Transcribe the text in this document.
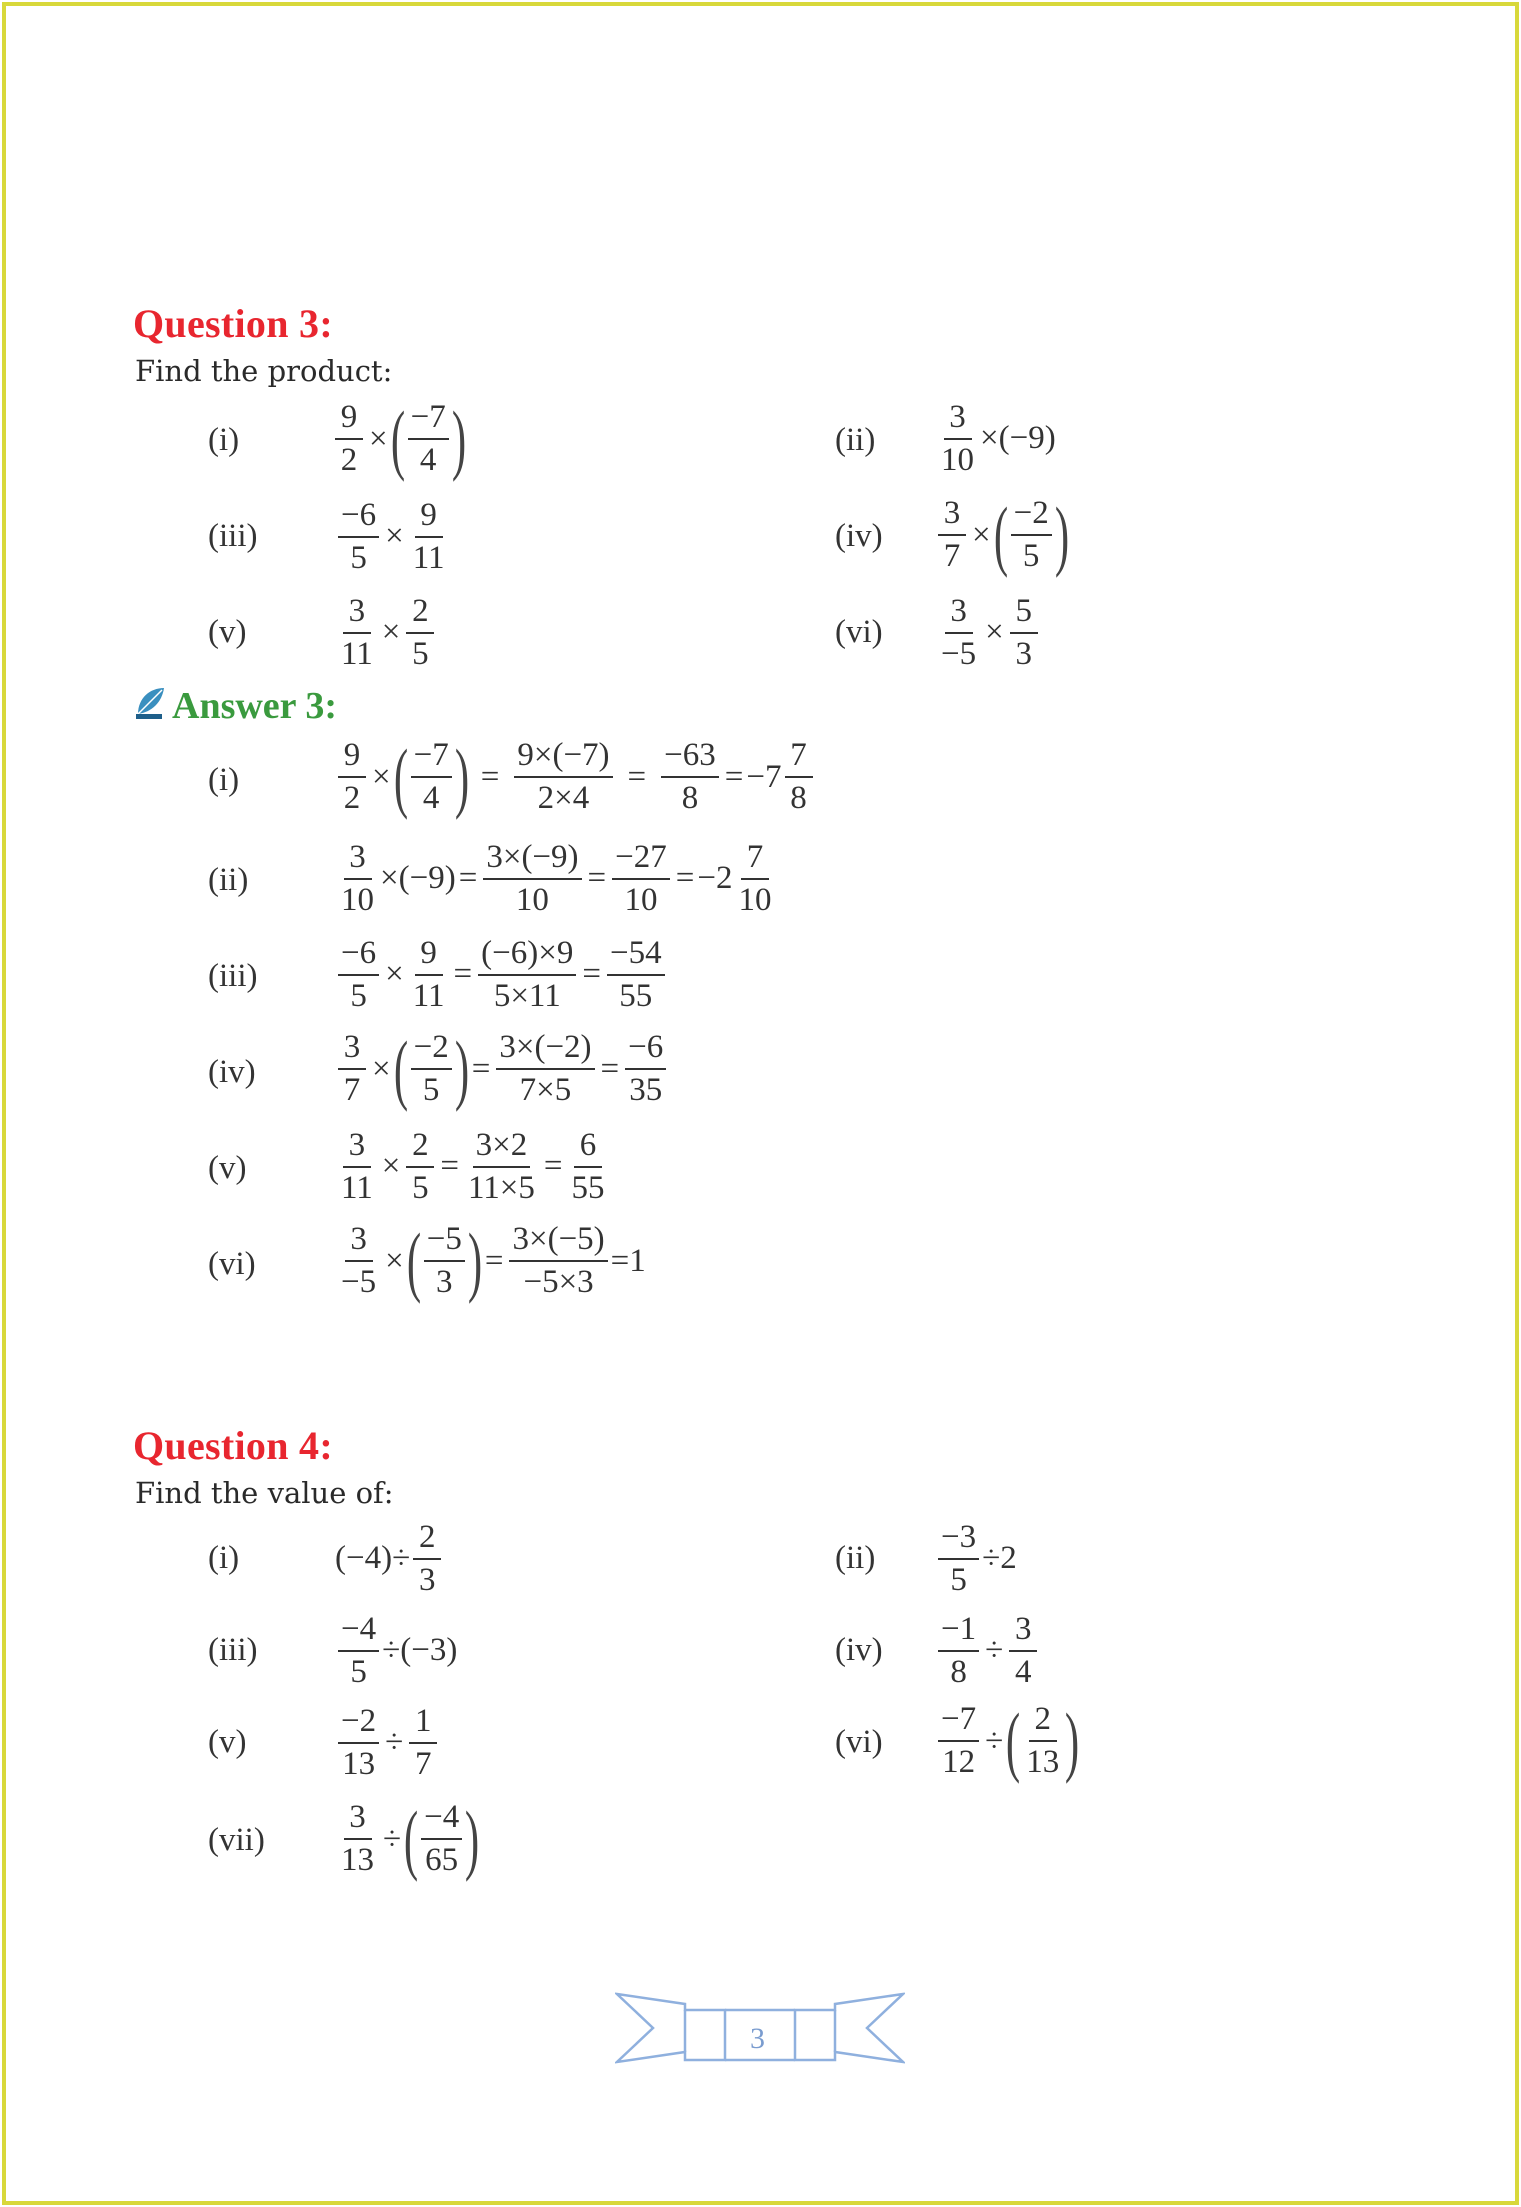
Question 3:
Find the product:
(i)	$\frac{9}{2}$ × ( $\frac{-7}{4}$ )	$(ii) \frac{3}{10} \times (-9)$
$(iii) \frac{-6}{5} \times \frac{9}{11}$	$(iv) \frac{3}{7}$ × ( $\frac{-2}{5}$ )
(v)	$\frac{3}{11} \times \frac{2}{5}$	$(vi) \frac{3}{-5} \times \frac{5}{3}$
Answer 3:
(i)	$\frac{9}{2}$ × ( $\frac{-7}{4}$ ) = $\frac{9\times(-7)}{2\times 4} = \frac{-63}{8} = -7 \frac{7}{8}$
(ii)	$\frac{3}{10} \times(-9) = \frac{3\times(-9)}{10} = \frac{-27}{10} = -2 \frac{7}{10}$
$(iii) \frac{-6}{5} \times \frac{9}{11} = \frac{(-6)\times 9}{5\times 11} = \frac{-54}{55}$
$(iv) \frac{3}{7}$ × ( $\frac{-2}{5}$ ) = $\frac{3\times(-2)}{7\times 5} = \frac{-6}{35}$
(v)	$\frac{3}{11} \times \frac{2}{5} = \frac{3\times 2}{11\times 5} = \frac{6}{55}$
$(vi) \frac{3}{-5}$ × ( $\frac{-5}{3}$ ) = $\frac{3\times(-5)}{-5\times 3} =1$
Question 4:
Find the value of:
(i)	$(-4)\div \frac{2}{3}$	$(ii) \frac{-3}{5} \div 2$
$(iii) \frac{-4}{5} \div(-3)$	$(iv) \frac{-1}{8} \div \frac{3}{4}$
(v)	$\frac{-2}{13} \div \frac{1}{7}$	$(vi) \frac{-7}{12}$ ÷ ( $\frac{2}{13}$ )
$(vii) \frac{3}{13}$ ÷ ( $\frac{-4}{65}$ )
3
